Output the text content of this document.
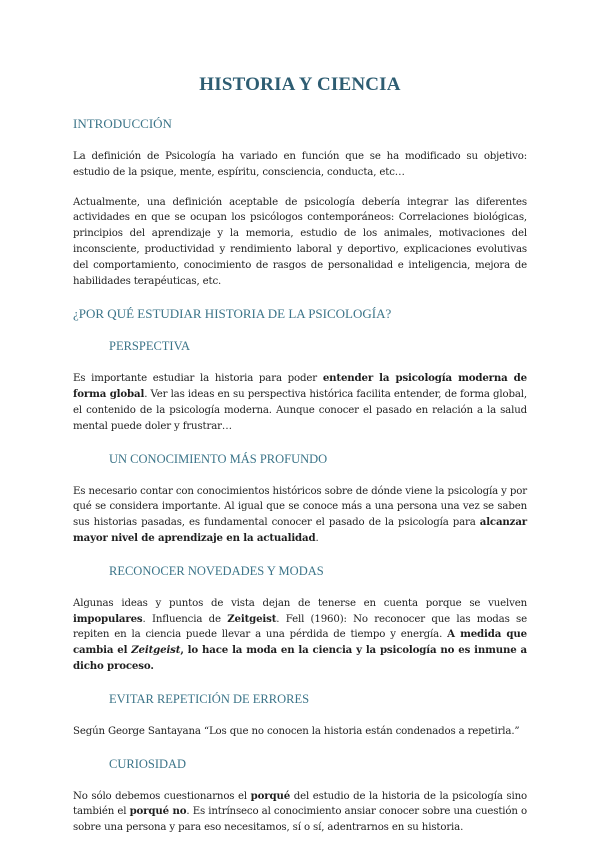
HISTORIA Y CIENCIA
INTRODUCCIÓN

La definición de Psicología ha variado en función que se ha modificado su objetivo: estudio de la psique, mente, espíritu, consciencia, conducta, etc…

Actualmente, una definición aceptable de psicología debería integrar las diferentes actividades en que se ocupan los psicólogos contemporáneos: Correlaciones biológicas, principios del aprendizaje y la memoria, estudio de los animales, motivaciones del inconsciente, productividad y rendimiento laboral y deportivo, explicaciones evolutivas del comportamiento, conocimiento de rasgos de personalidad e inteligencia, mejora de habilidades terapéuticas, etc.

¿POR QUÉ ESTUDIAR HISTORIA DE LA PSICOLOGÍA?
PERSPECTIVA

Es importante estudiar la historia para poder entender la psicología moderna de forma global. Ver las ideas en su perspectiva histórica facilita entender, de forma global, el contenido de la psicología moderna. Aunque conocer el pasado en relación a la salud mental puede doler y frustrar…

UN CONOCIMIENTO MÁS PROFUNDO

Es necesario contar con conocimientos históricos sobre de dónde viene la psicología y por qué se considera importante. Al igual que se conoce más a una persona una vez se saben sus historias pasadas, es fundamental conocer el pasado de la psicología para alcanzar mayor nivel de aprendizaje en la actualidad.

RECONOCER NOVEDADES Y MODAS

Algunas ideas y puntos de vista dejan de tenerse en cuenta porque se vuelven impopulares. Influencia de Zeitgeist. Fell (1960): No reconocer que las modas se repiten en la ciencia puede llevar a una pérdida de tiempo y energía. A medida que cambia el Zeitgeist, lo hace la moda en la ciencia y la psicología no es inmune a dicho proceso.

EVITAR REPETICIÓN DE ERRORES

Según George Santayana “Los que no conocen la historia están condenados a repetirla.”

CURIOSIDAD

No sólo debemos cuestionarnos el porqué del estudio de la historia de la psicología sino también el porqué no. Es intrínseco al conocimiento ansiar conocer sobre una cuestión o sobre una persona y para eso necesitamos, sí o sí, adentrarnos en su historia.
